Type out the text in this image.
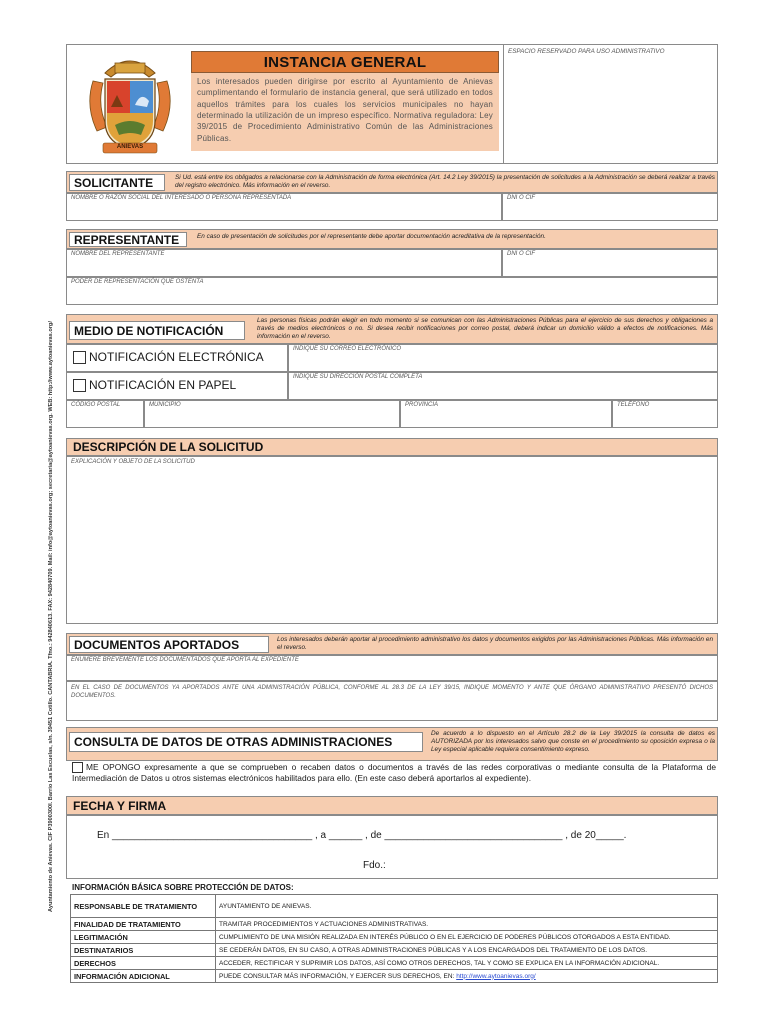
Ayuntamiento de Anievas. CIF P3900300I. Barrio Las Escuelas, s/n. 39451 Cotillo. CANTABRIA. Tfno.: 942840613. FAX: 942840709. Mail: info@aytoanievas.org; secretaria@aytoanievas.org. WEB: http://www.aytoanievas.org/
ANIEVAS
INSTANCIA GENERAL
Los interesados pueden dirigirse por escrito al Ayuntamiento de Anievas cumplimentando el formulario de instancia general, que será utilizado en todos aquellos trámites para los cuales los servicios municipales no hayan determinado la utilización de un impreso específico. Normativa reguladora: Ley 39/2015 de Procedimiento Administrativo Común de las Administraciones Públicas.
ESPACIO RESERVADO PARA USO ADMINISTRATIVO
SOLICITANTE	Si Ud. está entre los obligados a relacionarse con la Administración de forma electrónica (Art. 14.2 Ley 39/2015) la presentación de solicitudes a la Administración se deberá realizar a través del registro electrónico. Más información en el reverso.
NOMBRE O RAZÓN SOCIAL DEL INTERESADO O PERSONA REPRESENTADA	DNI O CIF
REPRESENTANTE	En caso de presentación de solicitudes por el representante debe aportar documentación acreditativa de la representación.
NOMBRE DEL REPRESENTANTE	DNI O CIF
PODER DE REPRESENTACIÓN QUE OSTENTA
MEDIO DE NOTIFICACIÓN
Las personas físicas podrán elegir en todo momento si se comunican con las Administraciones Públicas para el ejercicio de sus derechos y obligaciones a través de medios electrónicos o no. Si desea recibir notificaciones por correo postal, deberá indicar un domicilio válido a efectos de notificaciones. Más información en el reverso.
NOTIFICACIÓN ELECTRÓNICA
INDIQUE SU CORREO ELECTRÓNICO
NOTIFICACIÓN EN PAPEL
INDIQUE SU DIRECCIÓN POSTAL COMPLETA
CÓDIGO POSTAL	MUNICIPIO	PROVINCIA	TELÉFONO
DESCRIPCIÓN DE LA SOLICITUD
EXPLICACIÓN Y OBJETO DE LA SOLICITUD
DOCUMENTOS APORTADOS	Los interesados deberán aportar al procedimiento administrativo los datos y documentos exigidos por las Administraciones Públicas. Más información en el reverso.
ENUMERE BREVEMENTE LOS DOCUMENTADOS QUE APORTA AL EXPEDIENTE
EN EL CASO DE DOCUMENTOS YA APORTADOS ANTE UNA ADMINISTRACIÓN PÚBLICA, CONFORME AL 28.3 DE LA LEY 39/15, INDIQUE MOMENTO Y ANTE QUE ÓRGANO ADMINISTRATIVO PRESENTÓ DICHOS DOCUMENTOS.
CONSULTA DE DATOS DE OTRAS ADMINISTRACIONES
De acuerdo a lo dispuesto en el Artículo 28.2 de la Ley 39/2015 la consulta de datos es AUTORIZADA por los interesados salvo que conste en el procedimiento su oposición expresa o la Ley especial aplicable requiera consentimiento expreso.
ME OPONGO expresamente a que se comprueben o recaben datos o documentos a través de las redes corporativas o mediante consulta de la Plataforma de Intermediación de Datos u otros sistemas electrónicos habilitados para ello. (En este caso deberá aportarlos al expediente).
FECHA Y FIRMA
En ____________________________________ , a ______ , de ________________________________ , de 20_____.
Fdo.:
INFORMACIÓN BÁSICA SOBRE PROTECCIÓN DE DATOS:
RESPONSABLE DE TRATAMIENTO	AYUNTAMIENTO DE ANIEVAS.
FINALIDAD DE TRATAMIENTO	TRAMITAR PROCEDIMIENTOS Y ACTUACIONES ADMINISTRATIVAS.
LEGITIMACIÓN	CUMPLIMIENTO DE UNA MISIÓN REALIZADA EN INTERÉS PÚBLICO O EN EL EJERCICIO DE PODERES PÚBLICOS OTORGADOS A ESTA ENTIDAD.
DESTINATARIOS	SE CEDERÁN DATOS, EN SU CASO, A OTRAS ADMINISTRACIONES PÚBLICAS Y A LOS ENCARGADOS DEL TRATAMIENTO DE LOS DATOS.
DERECHOS	ACCEDER, RECTIFICAR Y SUPRIMIR LOS DATOS, ASÍ COMO OTROS DERECHOS, TAL Y COMO SE EXPLICA EN LA INFORMACIÓN ADICIONAL.
INFORMACIÓN ADICIONAL	PUEDE CONSULTAR MÁS INFORMACIÓN, Y EJERCER SUS DERECHOS, EN: http://www.aytoanievas.org/
